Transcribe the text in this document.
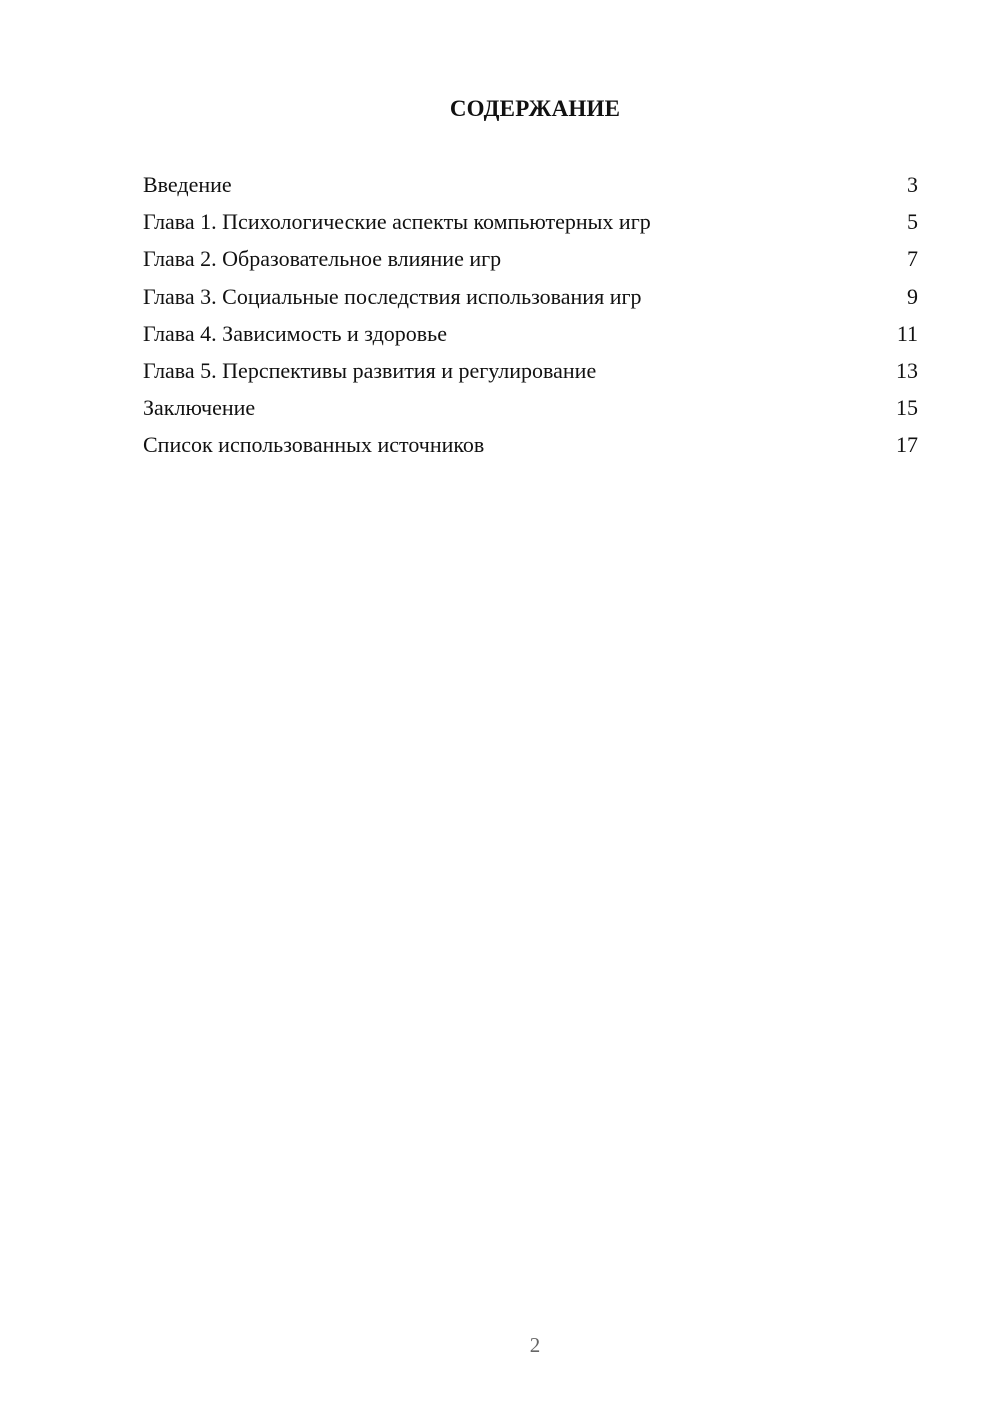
СОДЕРЖАНИЕ
Введение	3
Глава 1. Психологические аспекты компьютерных игр	5
Глава 2. Образовательное влияние игр	7
Глава 3. Социальные последствия использования игр	9
Глава 4. Зависимость и здоровье	11
Глава 5. Перспективы развития и регулирование	13
Заключение	15
Список использованных источников	17
2
